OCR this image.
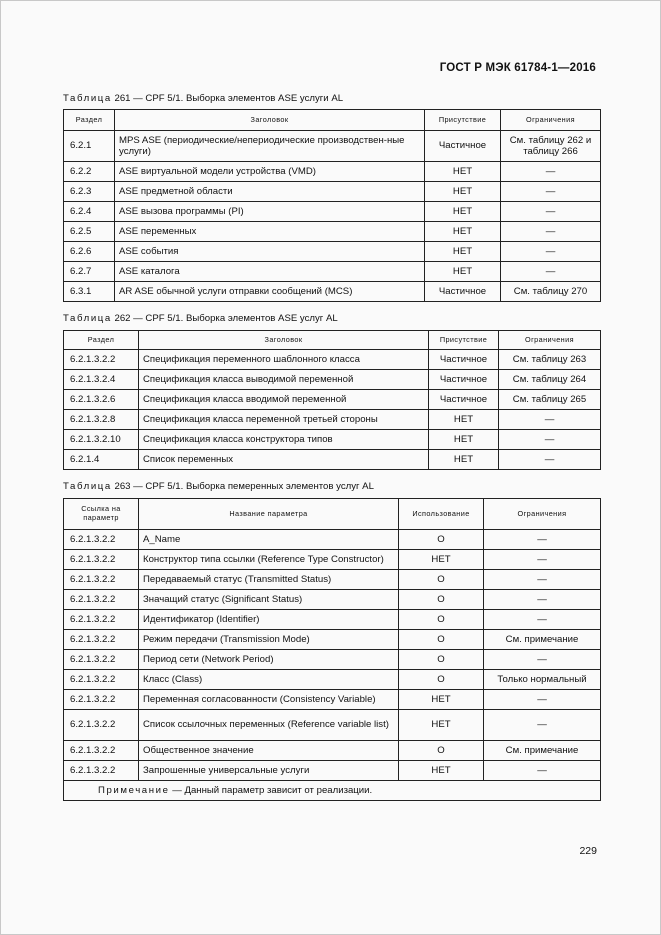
ГОСТ Р МЭК 61784-1—2016
Таблица 261 — CPF 5/1. Выборка элементов ASE услуги AL
Раздел	Заголовок	Присутствие	Ограничения
6.2.1	MPS ASE (периодические/непериодические производствен-ные услуги)	Частичное	См. таблицу 262 и таблицу 266
6.2.2	ASE виртуальной модели устройства (VMD)	НЕТ	—
6.2.3	ASE предметной области	НЕТ	—
6.2.4	ASE вызова программы (PI)	НЕТ	—
6.2.5	ASE переменных	НЕТ	—
6.2.6	ASE события	НЕТ	—
6.2.7	ASE каталога	НЕТ	—
6.3.1	AR ASE обычной услуги отправки сообщений (MCS)	Частичное	См. таблицу 270
Таблица 262 — CPF 5/1. Выборка элементов ASE услуг AL
Раздел	Заголовок	Присутствие	Ограничения
6.2.1.3.2.2	Спецификация переменного шаблонного класса	Частичное	См. таблицу 263
6.2.1.3.2.4	Спецификация класса выводимой переменной	Частичное	См. таблицу 264
6.2.1.3.2.6	Спецификация класса вводимой переменной	Частичное	См. таблицу 265
6.2.1.3.2.8	Спецификация класса переменной третьей стороны	НЕТ	—
6.2.1.3.2.10	Спецификация класса конструктора типов	НЕТ	—
6.2.1.4	Список переменных	НЕТ	—
Таблица 263 — CPF 5/1. Выборка пемеренных элементов услуг AL
Ссылка на параметр	Название параметра	Использование	Ограничения
6.2.1.3.2.2	A_Name	O	—
6.2.1.3.2.2	Конструктор типа ссылки (Reference Type Constructor)	НЕТ	—
6.2.1.3.2.2	Передаваемый статус (Transmitted Status)	O	—
6.2.1.3.2.2	Значащий статус (Significant Status)	O	—
6.2.1.3.2.2	Идентификатор (Identifier)	O	—
6.2.1.3.2.2	Режим передачи (Transmission Mode)	O	См. примечание
6.2.1.3.2.2	Период сети (Network Period)	O	—
6.2.1.3.2.2	Класс (Class)	O	Только нормальный
6.2.1.3.2.2	Переменная согласованности (Consistency Variable)	НЕТ	—
6.2.1.3.2.2	Список ссылочных переменных (Reference variable list)	НЕТ	—
6.2.1.3.2.2	Общественное значение	O	См. примечание
6.2.1.3.2.2	Запрошенные универсальные услуги	НЕТ	—
Примечание — Данный параметр зависит от реализации.			
229
